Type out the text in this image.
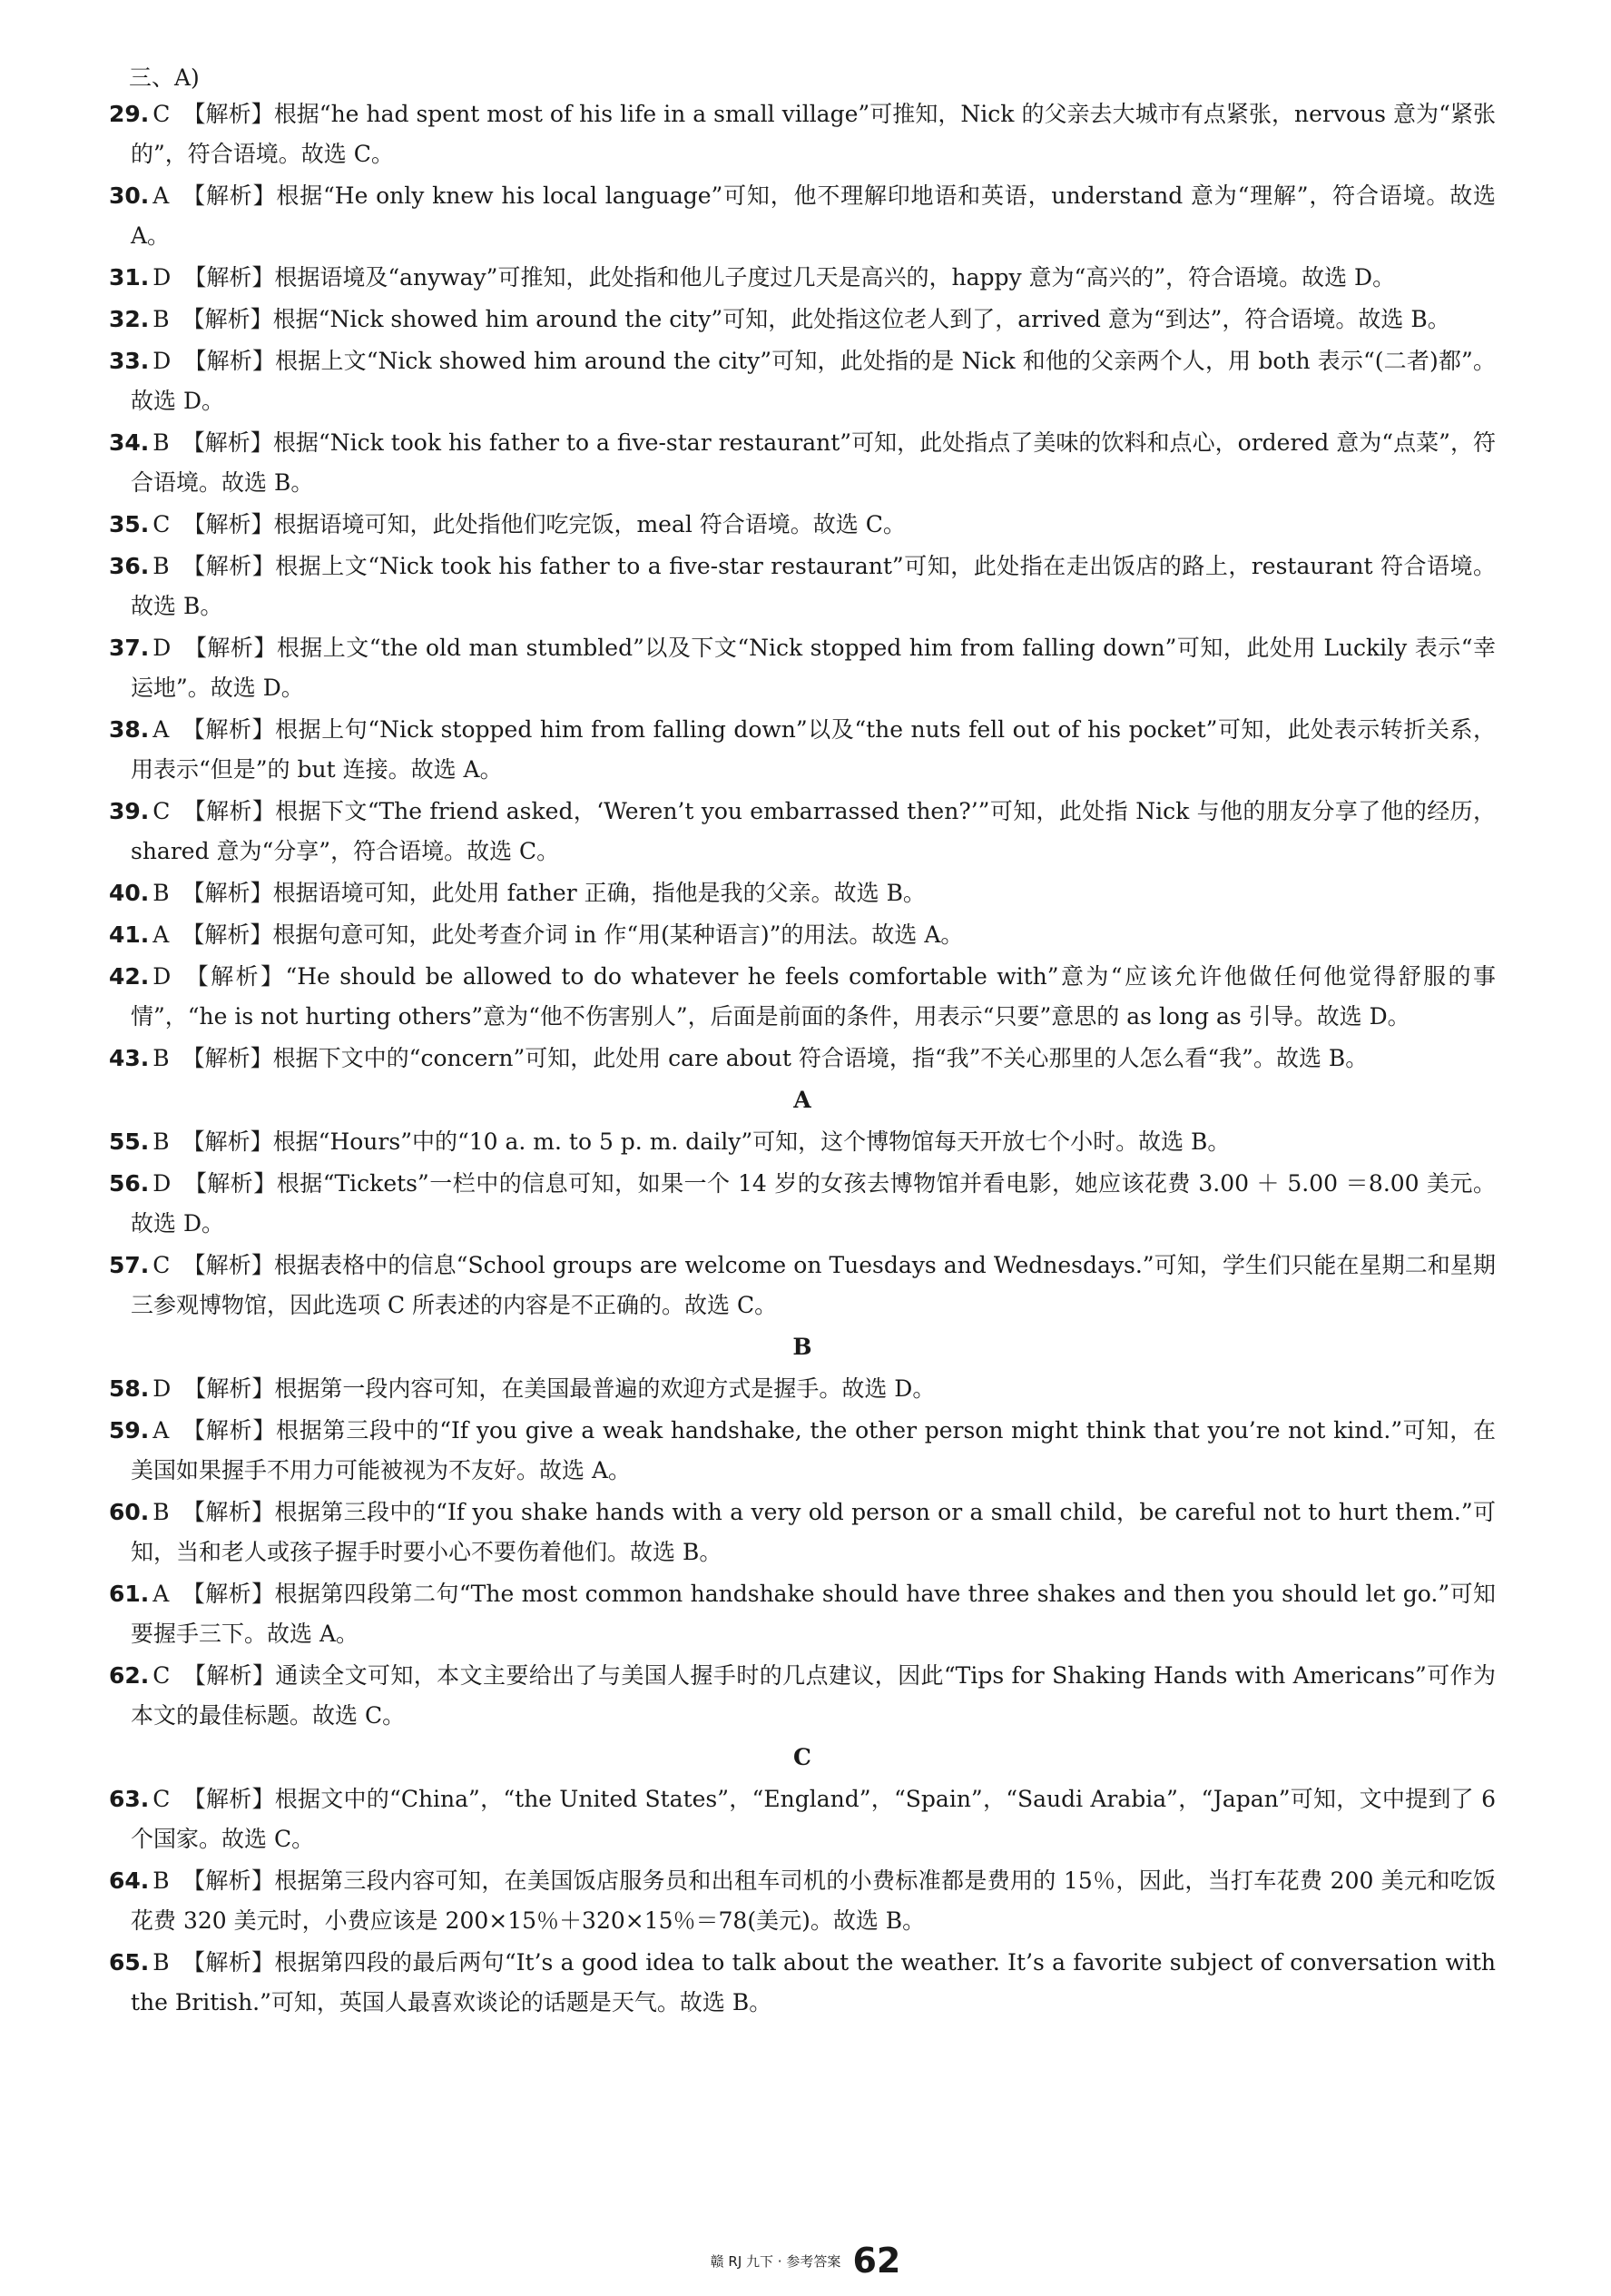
三、A)
29. C 【解析】根据“he had spent most of his life in a small village”可推知，Nick 的父亲去大城市有点紧张，nervous 意为“紧张的”，符合语境。故选 C。
30. A 【解析】根据“He only knew his local language”可知，他不理解印地语和英语，understand 意为“理解”，符合语境。故选 A。
31. D 【解析】根据语境及“anyway”可推知，此处指和他儿子度过几天是高兴的，happy 意为“高兴的”，符合语境。故选 D。
32. B 【解析】根据“Nick showed him around the city”可知，此处指这位老人到了，arrived 意为“到达”，符合语境。故选 B。
33. D 【解析】根据上文“Nick showed him around the city”可知，此处指的是 Nick 和他的父亲两个人，用 both 表示“(二者)都”。故选 D。
34. B 【解析】根据“Nick took his father to a five-star restaurant”可知，此处指点了美味的饮料和点心，ordered 意为“点菜”，符合语境。故选 B。
35. C 【解析】根据语境可知，此处指他们吃完饭，meal 符合语境。故选 C。
36. B 【解析】根据上文“Nick took his father to a five-star restaurant”可知，此处指在走出饭店的路上，restaurant 符合语境。故选 B。
37. D 【解析】根据上文“the old man stumbled”以及下文“Nick stopped him from falling down”可知，此处用 Luckily 表示“幸运地”。故选 D。
38. A 【解析】根据上句“Nick stopped him from falling down”以及“the nuts fell out of his pocket”可知，此处表示转折关系，用表示“但是”的 but 连接。故选 A。
39. C 【解析】根据下文“The friend asked，‘Weren’t you embarrassed then?’”可知，此处指 Nick 与他的朋友分享了他的经历，shared 意为“分享”，符合语境。故选 C。
40. B 【解析】根据语境可知，此处用 father 正确，指他是我的父亲。故选 B。
41. A 【解析】根据句意可知，此处考查介词 in 作“用(某种语言)”的用法。故选 A。
42. D 【解析】“He should be allowed to do whatever he feels comfortable with”意为“应该允许他做任何他觉得舒服的事情”，“he is not hurting others”意为“他不伤害别人”，后面是前面的条件，用表示“只要”意思的 as long as 引导。故选 D。
43. B 【解析】根据下文中的“concern”可知，此处用 care about 符合语境，指“我”不关心那里的人怎么看“我”。故选 B。
A
55. B 【解析】根据“Hours”中的“10 a. m. to 5 p. m. daily”可知，这个博物馆每天开放七个小时。故选 B。
56. D 【解析】根据“Tickets”一栏中的信息可知，如果一个 14 岁的女孩去博物馆并看电影，她应该花费 3.00 ＋ 5.00 ＝8.00 美元。故选 D。
57. C 【解析】根据表格中的信息“School groups are welcome on Tuesdays and Wednesdays.”可知，学生们只能在星期二和星期三参观博物馆，因此选项 C 所表述的内容是不正确的。故选 C。
B
58. D 【解析】根据第一段内容可知，在美国最普遍的欢迎方式是握手。故选 D。
59. A 【解析】根据第三段中的“If you give a weak handshake, the other person might think that you’re not kind.”可知，在美国如果握手不用力可能被视为不友好。故选 A。
60. B 【解析】根据第三段中的“If you shake hands with a very old person or a small child，be careful not to hurt them.”可知，当和老人或孩子握手时要小心不要伤着他们。故选 B。
61. A 【解析】根据第四段第二句“The most common handshake should have three shakes and then you should let go.”可知要握手三下。故选 A。
62. C 【解析】通读全文可知，本文主要给出了与美国人握手时的几点建议，因此“Tips for Shaking Hands with Americans”可作为本文的最佳标题。故选 C。
C
63. C 【解析】根据文中的“China”，“the United States”，“England”，“Spain”，“Saudi Arabia”，“Japan”可知，文中提到了 6 个国家。故选 C。
64. B 【解析】根据第三段内容可知，在美国饭店服务员和出租车司机的小费标准都是费用的 15％，因此，当打车花费 200 美元和吃饭花费 320 美元时，小费应该是 200×15％＋320×15％＝78(美元)。故选 B。
65. B 【解析】根据第四段的最后两句“It’s a good idea to talk about the weather. It’s a favorite subject of conversation with the British.”可知，英国人最喜欢谈论的话题是天气。故选 B。
赣 RJ 九下 · 参考答案 62
